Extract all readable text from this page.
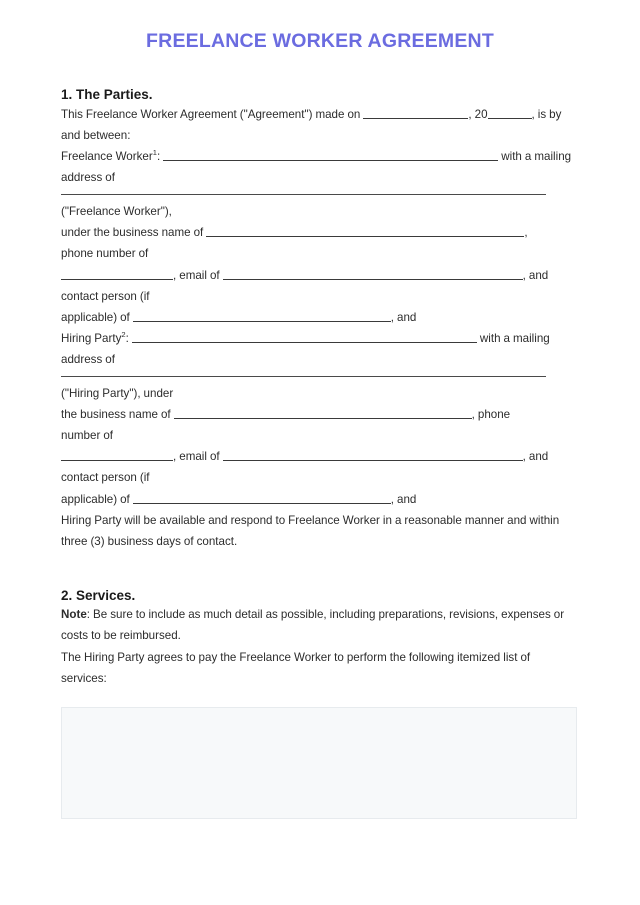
FREELANCE WORKER AGREEMENT
1. The Parties.

This Freelance Worker Agreement ("Agreement") made on	, 20	, is by and between:

Freelance Worker$^1$:	with a mailing address of

("Freelance Worker"),

under the business name of	,
phone number of

, email of	, and contact person (if

applicable) of	, and

Hiring Party$^2$:	with a mailing address of

("Hiring Party"), under

the business name of	, phone
number of

, email of	, and contact person (if

applicable) of	, and

Hiring Party will be available and respond to Freelance Worker in a reasonable manner and within three (3) business days of contact.

2. Services.

Note: Be sure to include as much detail as possible, including preparations, revisions, expenses or costs to be reimbursed.

The Hiring Party agrees to pay the Freelance Worker to perform the following itemized list of services:
